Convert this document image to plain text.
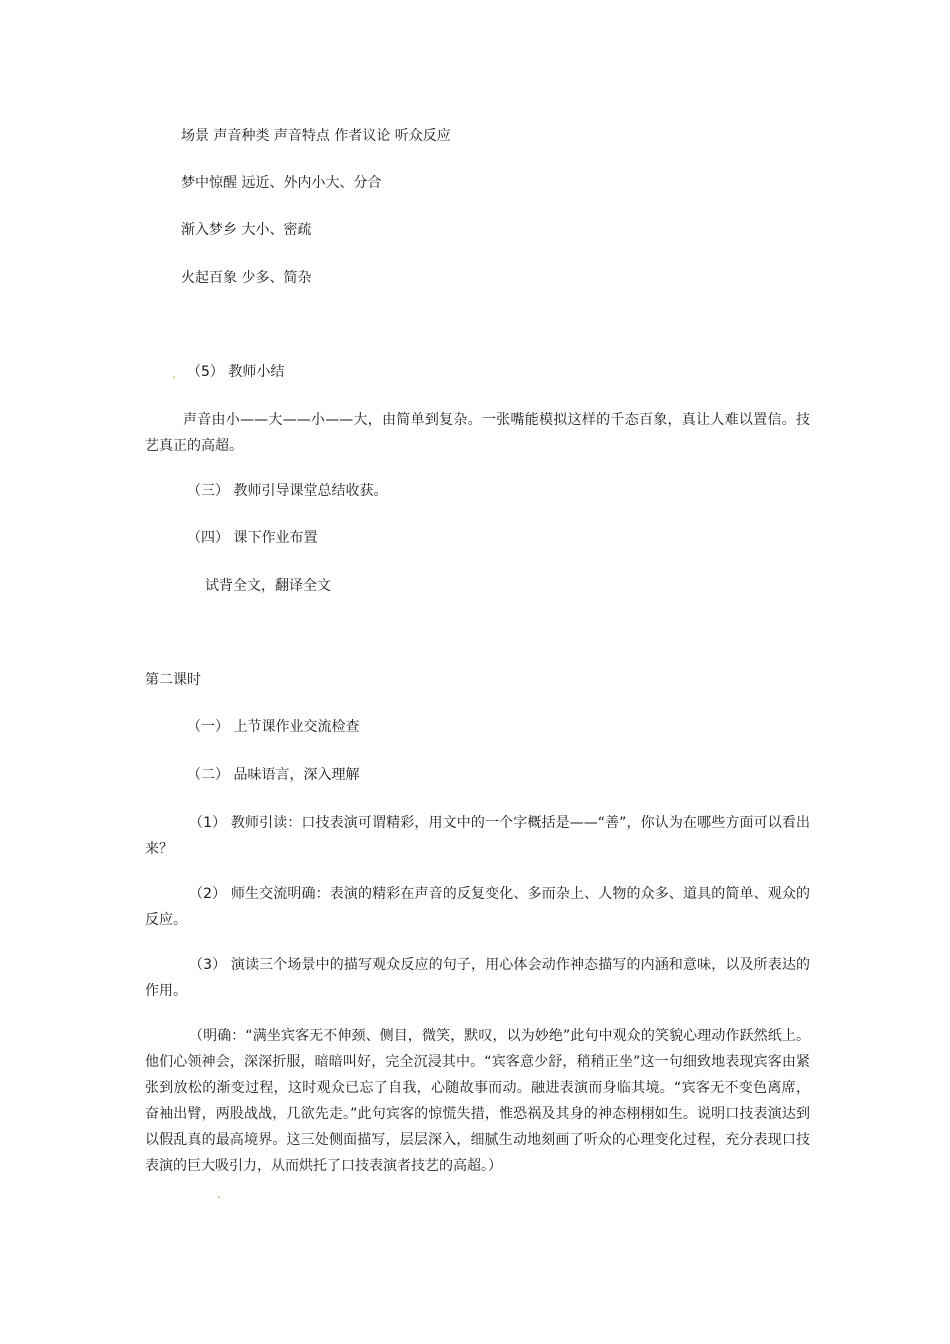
场景 声音种类 声音特点 作者议论 听众反应
梦中惊醒 远近、外内小大、分合
渐入梦乡 大小、密疏
火起百象 少多、简杂
. （5） 教师小结
声音由小——大——小——大，由简单到复杂。一张嘴能模拟这样的千态百象，真让人难以置信。技艺真正的高超。
（三） 教师引导课堂总结收获。
（四） 课下作业布置
试背全文，翻译全文
第二课时
（一） 上节课作业交流检查
（二） 品味语言，深入理解
（1） 教师引读：口技表演可谓精彩，用文中的一个字概括是——“善”，你认为在哪些方面可以看出来？
（2） 师生交流明确：表演的精彩在声音的反复变化、多而杂上、人物的众多、道具的简单、观众的反应。
（3） 演读三个场景中的描写观众反应的句子，用心体会动作神态描写的内涵和意味，以及所表达的作用。
（明确：“满坐宾客无不伸颈、侧目，微笑，默叹，以为妙绝”此句中观众的笑貌心理动作跃然纸上。他们心领神会，深深折服，暗暗叫好，完全沉浸其中。“宾客意少舒，稍稍正坐”这一句细致地表现宾客由紧张到放松的渐变过程，这时观众已忘了自我，心随故事而动。融进表演而身临其境。“宾客无不变色离席，奋袖出臂，两股战战，几欲先走。”此句宾客的惊慌失措，惟恐祸及其身的神态栩栩如生。说明口技表演达到以假乱真的最高境界。这三处侧面描写，层层深入，细腻生动地刻画了听众的心理变化过程，充分表现口技表演的巨大吸引力，从而烘托了口技表演者技艺的高超。）
.
